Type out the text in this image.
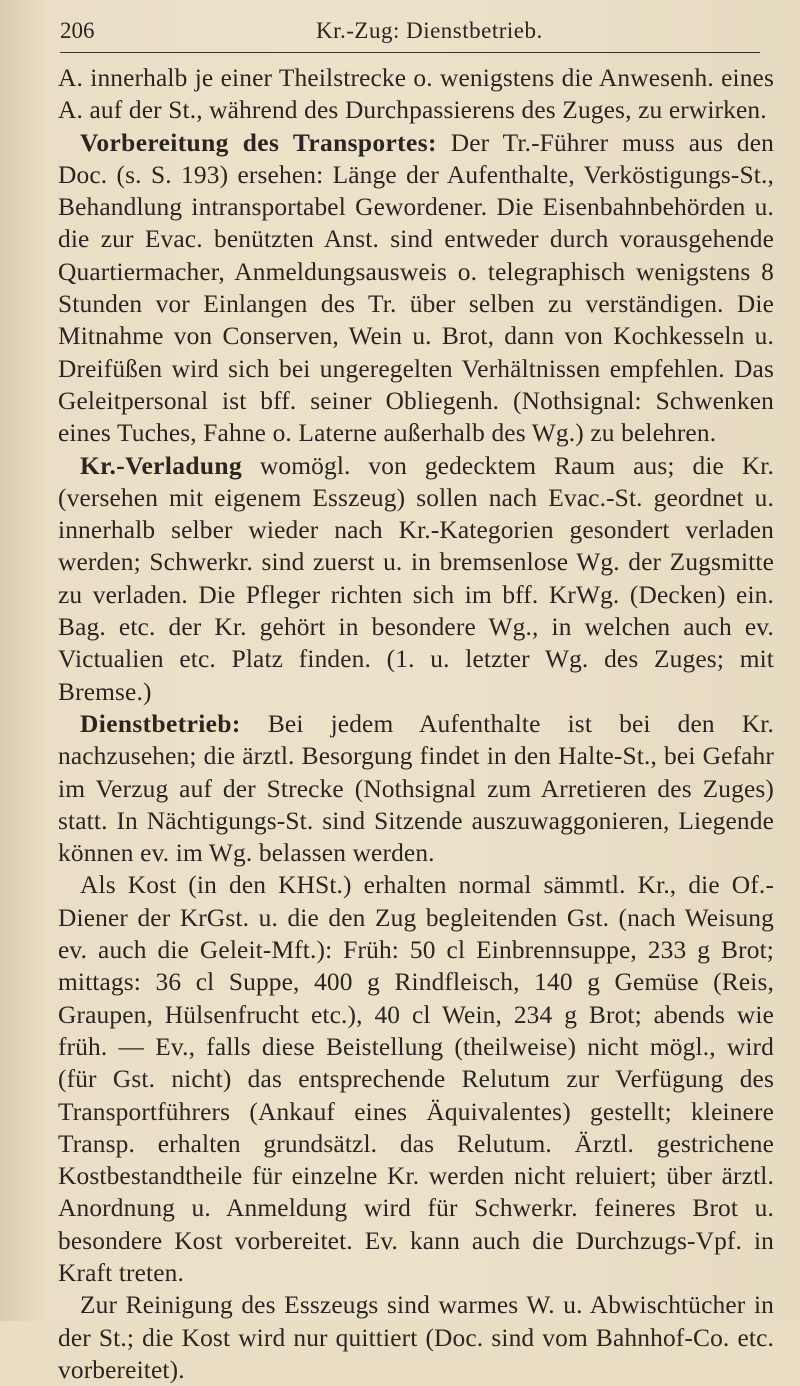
206	Kr.-Zug: Dienstbetrieb.

A. innerhalb je einer Theilstrecke o. wenigstens die Anwesenh. eines A. auf der St., während des Durchpassierens des Zuges, zu erwirken.

Vorbereitung des Transportes: Der Tr.-Führer muss aus den Doc. (s. S. 193) ersehen: Länge der Aufenthalte, Verköstigungs-St., Behandlung intransportabel Gewordener. Die Eisenbahnbehörden u. die zur Evac. benützten Anst. sind entweder durch vorausgehende Quartiermacher, Anmeldungsausweis o. telegraphisch wenigstens 8 Stunden vor Einlangen des Tr. über selben zu verständigen. Die Mitnahme von Conserven, Wein u. Brot, dann von Kochkesseln u. Dreifüßen wird sich bei ungeregelten Verhältnissen empfehlen. Das Geleitpersonal ist bff. seiner Obliegenh. (Nothsignal: Schwenken eines Tuches, Fahne o. Laterne außerhalb des Wg.) zu belehren.

Kr.-Verladung womögl. von gedecktem Raum aus; die Kr. (versehen mit eigenem Esszeug) sollen nach Evac.-St. geordnet u. innerhalb selber wieder nach Kr.-Kategorien gesondert verladen werden; Schwerkr. sind zuerst u. in bremsenlose Wg. der Zugsmitte zu verladen. Die Pfleger richten sich im bff. KrWg. (Decken) ein. Bag. etc. der Kr. gehört in besondere Wg., in welchen auch ev. Victualien etc. Platz finden. (1. u. letzter Wg. des Zuges; mit Bremse.)

Dienstbetrieb: Bei jedem Aufenthalte ist bei den Kr. nachzusehen; die ärztl. Besorgung findet in den Halte-St., bei Gefahr im Verzug auf der Strecke (Nothsignal zum Arretieren des Zuges) statt. In Nächtigungs-St. sind Sitzende auszuwaggonieren, Liegende können ev. im Wg. belassen werden.

Als Kost (in den KHSt.) erhalten normal sämmtl. Kr., die Of.-Diener der KrGst. u. die den Zug begleitenden Gst. (nach Weisung ev. auch die Geleit-Mft.): Früh: 50 cl Einbrennsuppe, 233 g Brot; mittags: 36 cl Suppe, 400 g Rindfleisch, 140 g Gemüse (Reis, Graupen, Hülsenfrucht etc.), 40 cl Wein, 234 g Brot; abends wie früh. — Ev., falls diese Beistellung (theilweise) nicht mögl., wird (für Gst. nicht) das entsprechende Relutum zur Verfügung des Transportführers (Ankauf eines Äquivalentes) gestellt; kleinere Transp. erhalten grundsätzl. das Relutum. Ärztl. gestrichene Kostbestandtheile für einzelne Kr. werden nicht reluiert; über ärztl. Anordnung u. Anmeldung wird für Schwerkr. feineres Brot u. besondere Kost vorbereitet. Ev. kann auch die Durchzugs-Vpf. in Kraft treten.

Zur Reinigung des Esszeugs sind warmes W. u. Abwischtücher in der St.; die Kost wird nur quittiert (Doc. sind vom Bahnhof-Co. etc. vorbereitet).
